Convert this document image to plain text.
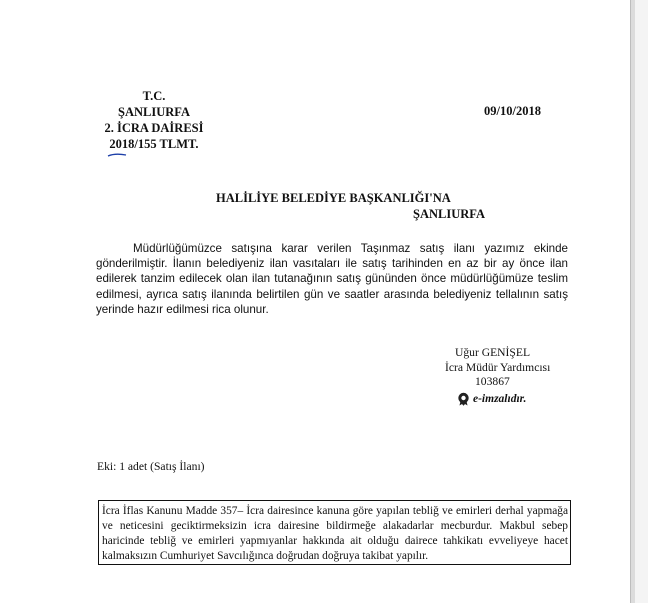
T.C.
ŞANLIURFA
2. İCRA DAİRESİ
2018/155 TLMT.
09/10/2018
HALİLİYE BELEDİYE BAŞKANLIĞI'NA
ŞANLIURFA

Müdürlüğümüzce satışına karar verilen Taşınmaz satış ilanı yazımız ekinde gönderilmiştir. İlanın belediyeniz ilan vasıtaları ile satış tarihinden en az bir ay önce ilan edilerek tanzim edilecek olan ilan tutanağının satış gününden önce müdürlüğümüze teslim edilmesi, ayrıca satış ilanında belirtilen gün ve saatler arasında belediyeniz tellalının satış yerinde hazır edilmesi rica olunur.

Uğur GENİŞEL
İcra Müdür Yardımcısı
103867
e-imzalıdır.
Eki: 1 adet (Satış İlanı)
İcra İflas Kanunu Madde 357– İcra dairesince kanuna göre yapılan tebliğ ve emirleri derhal yapmağa ve neticesini geciktirmeksizin icra dairesine bildirmeğe alakadarlar mecburdur. Makbul sebep haricinde tebliğ ve emirleri yapmıyanlar hakkında ait olduğu dairece tahkikatı evveliyeye hacet kalmaksızın Cumhuriyet Savcılığınca doğrudan doğruya takibat yapılır.
